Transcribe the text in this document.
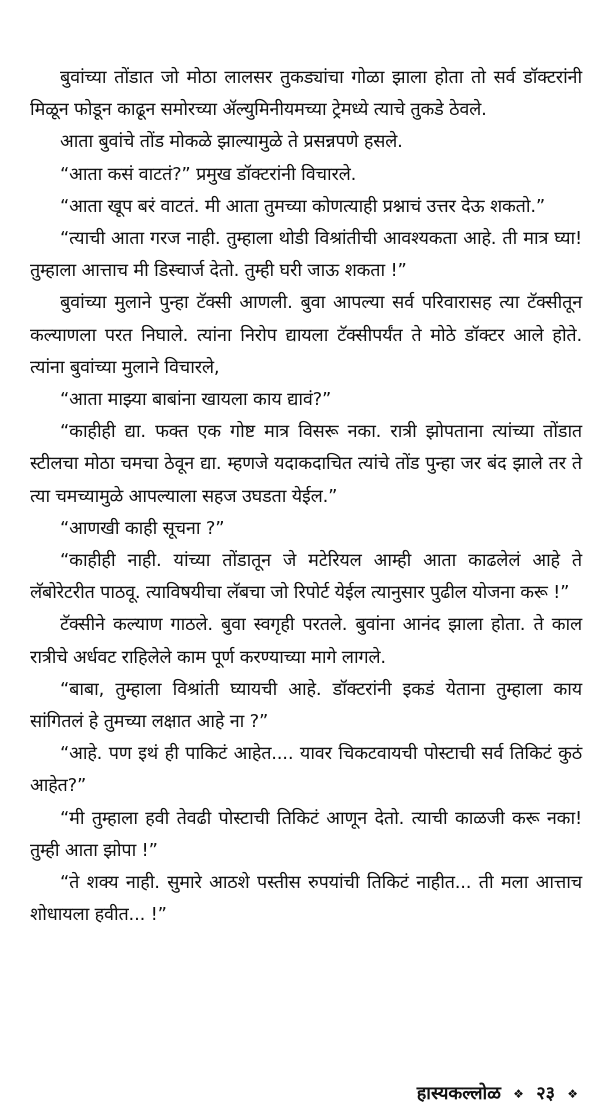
बुवांच्या तोंडात जो मोठा लालसर तुकड्यांचा गोळा झाला होता तो सर्व डॉक्टरांनी मिळून फोडून काढून समोरच्या ॲल्युमिनीयमच्या ट्रेमध्ये त्याचे तुकडे ठेवले.

आता बुवांचे तोंड मोकळे झाल्यामुळे ते प्रसन्नपणे हसले.

“आता कसं वाटतं?” प्रमुख डॉक्टरांनी विचारले.

“आता खूप बरं वाटतं. मी आता तुमच्या कोणत्याही प्रश्नाचं उत्तर देऊ शकतो.”

“त्याची आता गरज नाही. तुम्हाला थोडी विश्रांतीची आवश्यकता आहे. ती मात्र घ्या! तुम्हाला आत्ताच मी डिस्चार्ज देतो. तुम्ही घरी जाऊ शकता !”

बुवांच्या मुलाने पुन्हा टॅक्सी आणली. बुवा आपल्या सर्व परिवारासह त्या टॅक्सीतून कल्याणला परत निघाले. त्यांना निरोप द्यायला टॅक्सीपर्यंत ते मोठे डॉक्टर आले होते. त्यांना बुवांच्या मुलाने विचारले,

“आता माझ्या बाबांना खायला काय द्यावं?”

“काहीही द्या. फक्त एक गोष्ट मात्र विसरू नका. रात्री झोपताना त्यांच्या तोंडात स्टीलचा मोठा चमचा ठेवून द्या. म्हणजे यदाकदाचित त्यांचे तोंड पुन्हा जर बंद झाले तर ते त्या चमच्यामुळे आपल्याला सहज उघडता येईल.”

“आणखी काही सूचना ?”

“काहीही नाही. यांच्या तोंडातून जे मटेरियल आम्ही आता काढलेलं आहे ते लॅबोरेटरीत पाठवू. त्याविषयीचा लॅबचा जो रिपोर्ट येईल त्यानुसार पुढील योजना करू !”

टॅक्सीने कल्याण गाठले. बुवा स्वगृही परतले. बुवांना आनंद झाला होता. ते काल रात्रीचे अर्धवट राहिलेले काम पूर्ण करण्याच्या मागे लागले.

“बाबा, तुम्हाला विश्रांती घ्यायची आहे. डॉक्टरांनी इकडं येताना तुम्हाला काय सांगितलं हे तुमच्या लक्षात आहे ना ?”

“आहे. पण इथं ही पाकिटं आहेत.... यावर चिकटवायची पोस्टाची सर्व तिकिटं कुठं आहेत?”

“मी तुम्हाला हवी तेवढी पोस्टाची तिकिटं आणून देतो. त्याची काळजी करू नका! तुम्ही आता झोपा !”

“ते शक्य नाही. सुमारे आठशे पस्तीस रुपयांची तिकिटं नाहीत... ती मला आत्ताच शोधायला हवीत... !”

हास्यकल्लोळ ❖ २३ ❖
